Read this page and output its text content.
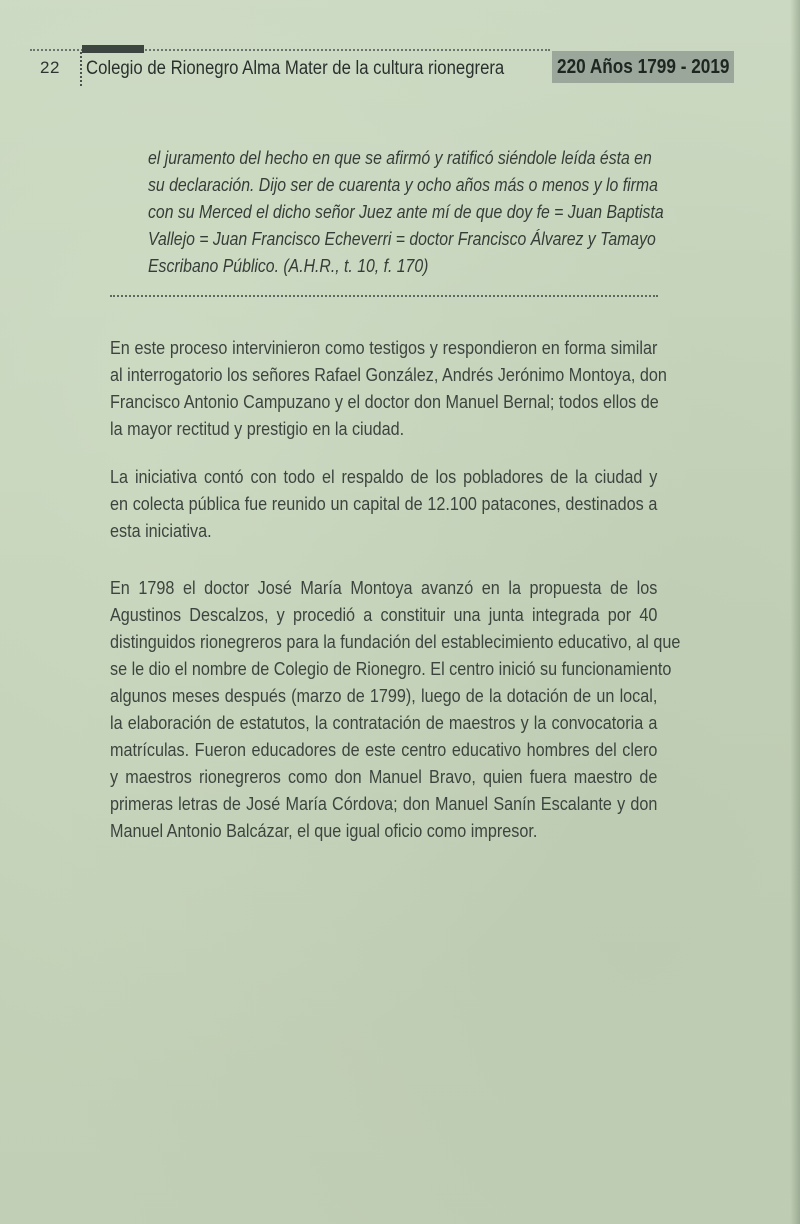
22 Colegio de Rionegro Alma Mater de la cultura rionegrera	220 Años 1799 - 2019

el juramento del hecho en que se afirmó y ratificó siéndole leída ésta en

su declaración. Dijo ser de cuarenta y ocho años más o menos y lo firma

con su Merced el dicho señor Juez ante mí de que doy fe = Juan Baptista

Vallejo = Juan Francisco Echeverri = doctor Francisco Álvarez y Tamayo

Escribano Público. (A.H.R., t. 10, f. 170)

En este proceso intervinieron como testigos y respondieron en forma similar
al interrogatorio los señores Rafael González, Andrés Jerónimo Montoya, don
Francisco Antonio Campuzano y el doctor don Manuel Bernal; todos ellos de
la mayor rectitud y prestigio en la ciudad.
La iniciativa contó con todo el respaldo de los pobladores de la ciudad y
en colecta pública fue reunido un capital de 12.100 patacones, destinados a
esta iniciativa.
En 1798 el doctor José María Montoya avanzó en la propuesta de los
Agustinos Descalzos, y procedió a constituir una junta integrada por 40
distinguidos rionegreros para la fundación del establecimiento educativo, al que
se le dio el nombre de Colegio de Rionegro. El centro inició su funcionamiento
algunos meses después (marzo de 1799), luego de la dotación de un local,
la elaboración de estatutos, la contratación de maestros y la convocatoria a
matrículas. Fueron educadores de este centro educativo hombres del clero
y maestros rionegreros como don Manuel Bravo, quien fuera maestro de
primeras letras de José María Córdova; don Manuel Sanín Escalante y don
Manuel Antonio Balcázar, el que igual oficio como impresor.
